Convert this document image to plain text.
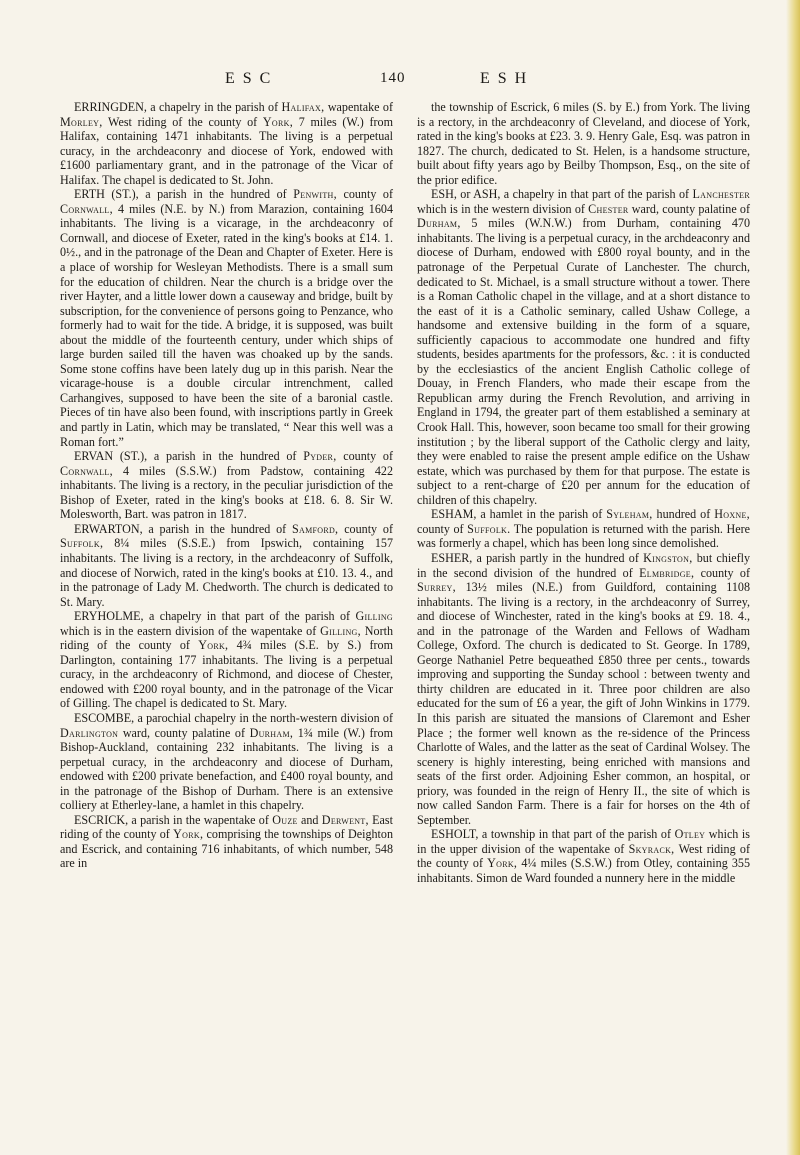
E S C	140	E S H

ERRINGDEN, a chapelry in the parish of Halifax, wapentake of Morley, West riding of the county of York, 7 miles (W.) from Halifax, containing 1471 inhabitants. The living is a perpetual curacy, in the archdeaconry and diocese of York, endowed with £1600 parliamentary grant, and in the patronage of the Vicar of Halifax. The chapel is dedicated to St. John.

ERTH (ST.), a parish in the hundred of Penwith, county of Cornwall, 4 miles (N.E. by N.) from Marazion, containing 1604 inhabitants. The living is a vicarage, in the archdeaconry of Cornwall, and diocese of Exeter, rated in the king's books at £14. 1. 0½., and in the patronage of the Dean and Chapter of Exeter. Here is a place of worship for Wesleyan Methodists. There is a small sum for the education of children. Near the church is a bridge over the river Hayter, and a little lower down a causeway and bridge, built by subscription, for the convenience of persons going to Penzance, who formerly had to wait for the tide. A bridge, it is supposed, was built about the middle of the fourteenth century, under which ships of large burden sailed till the haven was choaked up by the sands. Some stone coffins have been lately dug up in this parish. Near the vicarage-house is a double circular intrenchment, called Carhangives, supposed to have been the site of a baronial castle. Pieces of tin have also been found, with inscriptions partly in Greek and partly in Latin, which may be translated, “ Near this well was a Roman fort.”

ERVAN (ST.), a parish in the hundred of Pyder, county of Cornwall, 4 miles (S.S.W.) from Padstow, containing 422 inhabitants. The living is a rectory, in the peculiar jurisdiction of the Bishop of Exeter, rated in the king's books at £18. 6. 8. Sir W. Molesworth, Bart. was patron in 1817.

ERWARTON, a parish in the hundred of Samford, county of Suffolk, 8¼ miles (S.S.E.) from Ipswich, containing 157 inhabitants. The living is a rectory, in the archdeaconry of Suffolk, and diocese of Norwich, rated in the king's books at £10. 13. 4., and in the patronage of Lady M. Chedworth. The church is dedicated to St. Mary.

ERYHOLME, a chapelry in that part of the parish of Gilling which is in the eastern division of the wapentake of Gilling, North riding of the county of York, 4¾ miles (S.E. by S.) from Darlington, containing 177 inhabitants. The living is a perpetual curacy, in the archdeaconry of Richmond, and diocese of Chester, endowed with £200 royal bounty, and in the patronage of the Vicar of Gilling. The chapel is dedicated to St. Mary.

ESCOMBE, a parochial chapelry in the north-western division of Darlington ward, county palatine of Durham, 1¾ mile (W.) from Bishop-Auckland, containing 232 inhabitants. The living is a perpetual curacy, in the archdeaconry and diocese of Durham, endowed with £200 private benefaction, and £400 royal bounty, and in the patronage of the Bishop of Durham. There is an extensive colliery at Etherley-lane, a hamlet in this chapelry.

ESCRICK, a parish in the wapentake of Ouze and Derwent, East riding of the county of York, comprising the townships of Deighton and Escrick, and containing 716 inhabitants, of which number, 548 are in

the township of Escrick, 6 miles (S. by E.) from York. The living is a rectory, in the archdeaconry of Cleveland, and diocese of York, rated in the king's books at £23. 3. 9. Henry Gale, Esq. was patron in 1827. The church, dedicated to St. Helen, is a handsome structure, built about fifty years ago by Beilby Thompson, Esq., on the site of the prior edifice.

ESH, or ASH, a chapelry in that part of the parish of Lanchester which is in the western division of Chester ward, county palatine of Durham, 5 miles (W.N.W.) from Durham, containing 470 inhabitants. The living is a perpetual curacy, in the archdeaconry and diocese of Durham, endowed with £800 royal bounty, and in the patronage of the Perpetual Curate of Lanchester. The church, dedicated to St. Michael, is a small structure without a tower. There is a Roman Catholic chapel in the village, and at a short distance to the east of it is a Catholic seminary, called Ushaw College, a handsome and extensive building in the form of a square, sufficiently capacious to accommodate one hundred and fifty students, besides apartments for the professors, &c. : it is conducted by the ecclesiastics of the ancient English Catholic college of Douay, in French Flanders, who made their escape from the Republican army during the French Revolution, and arriving in England in 1794, the greater part of them established a seminary at Crook Hall. This, however, soon became too small for their growing institution ; by the liberal support of the Catholic clergy and laity, they were enabled to raise the present ample edifice on the Ushaw estate, which was purchased by them for that purpose. The estate is subject to a rent-charge of £20 per annum for the education of children of this chapelry.

ESHAM, a hamlet in the parish of Syleham, hundred of Hoxne, county of Suffolk. The population is returned with the parish. Here was formerly a chapel, which has been long since demolished.

ESHER, a parish partly in the hundred of Kingston, but chiefly in the second division of the hundred of Elmbridge, county of Surrey, 13½ miles (N.E.) from Guildford, containing 1108 inhabitants. The living is a rectory, in the archdeaconry of Surrey, and diocese of Winchester, rated in the king's books at £9. 18. 4., and in the patronage of the Warden and Fellows of Wadham College, Oxford. The church is dedicated to St. George. In 1789, George Nathaniel Petre bequeathed £850 three per cents., towards improving and supporting the Sunday school : between twenty and thirty children are educated in it. Three poor children are also educated for the sum of £6 a year, the gift of John Winkins in 1779. In this parish are situated the mansions of Claremont and Esher Place ; the former well known as the re-sidence of the Princess Charlotte of Wales, and the latter as the seat of Cardinal Wolsey. The scenery is highly interesting, being enriched with mansions and seats of the first order. Adjoining Esher common, an hospital, or priory, was founded in the reign of Henry II., the site of which is now called Sandon Farm. There is a fair for horses on the 4th of September.

ESHOLT, a township in that part of the parish of Otley which is in the upper division of the wapentake of Skyrack, West riding of the county of York, 4¼ miles (S.S.W.) from Otley, containing 355 inhabitants. Simon de Ward founded a nunnery here in the middle
